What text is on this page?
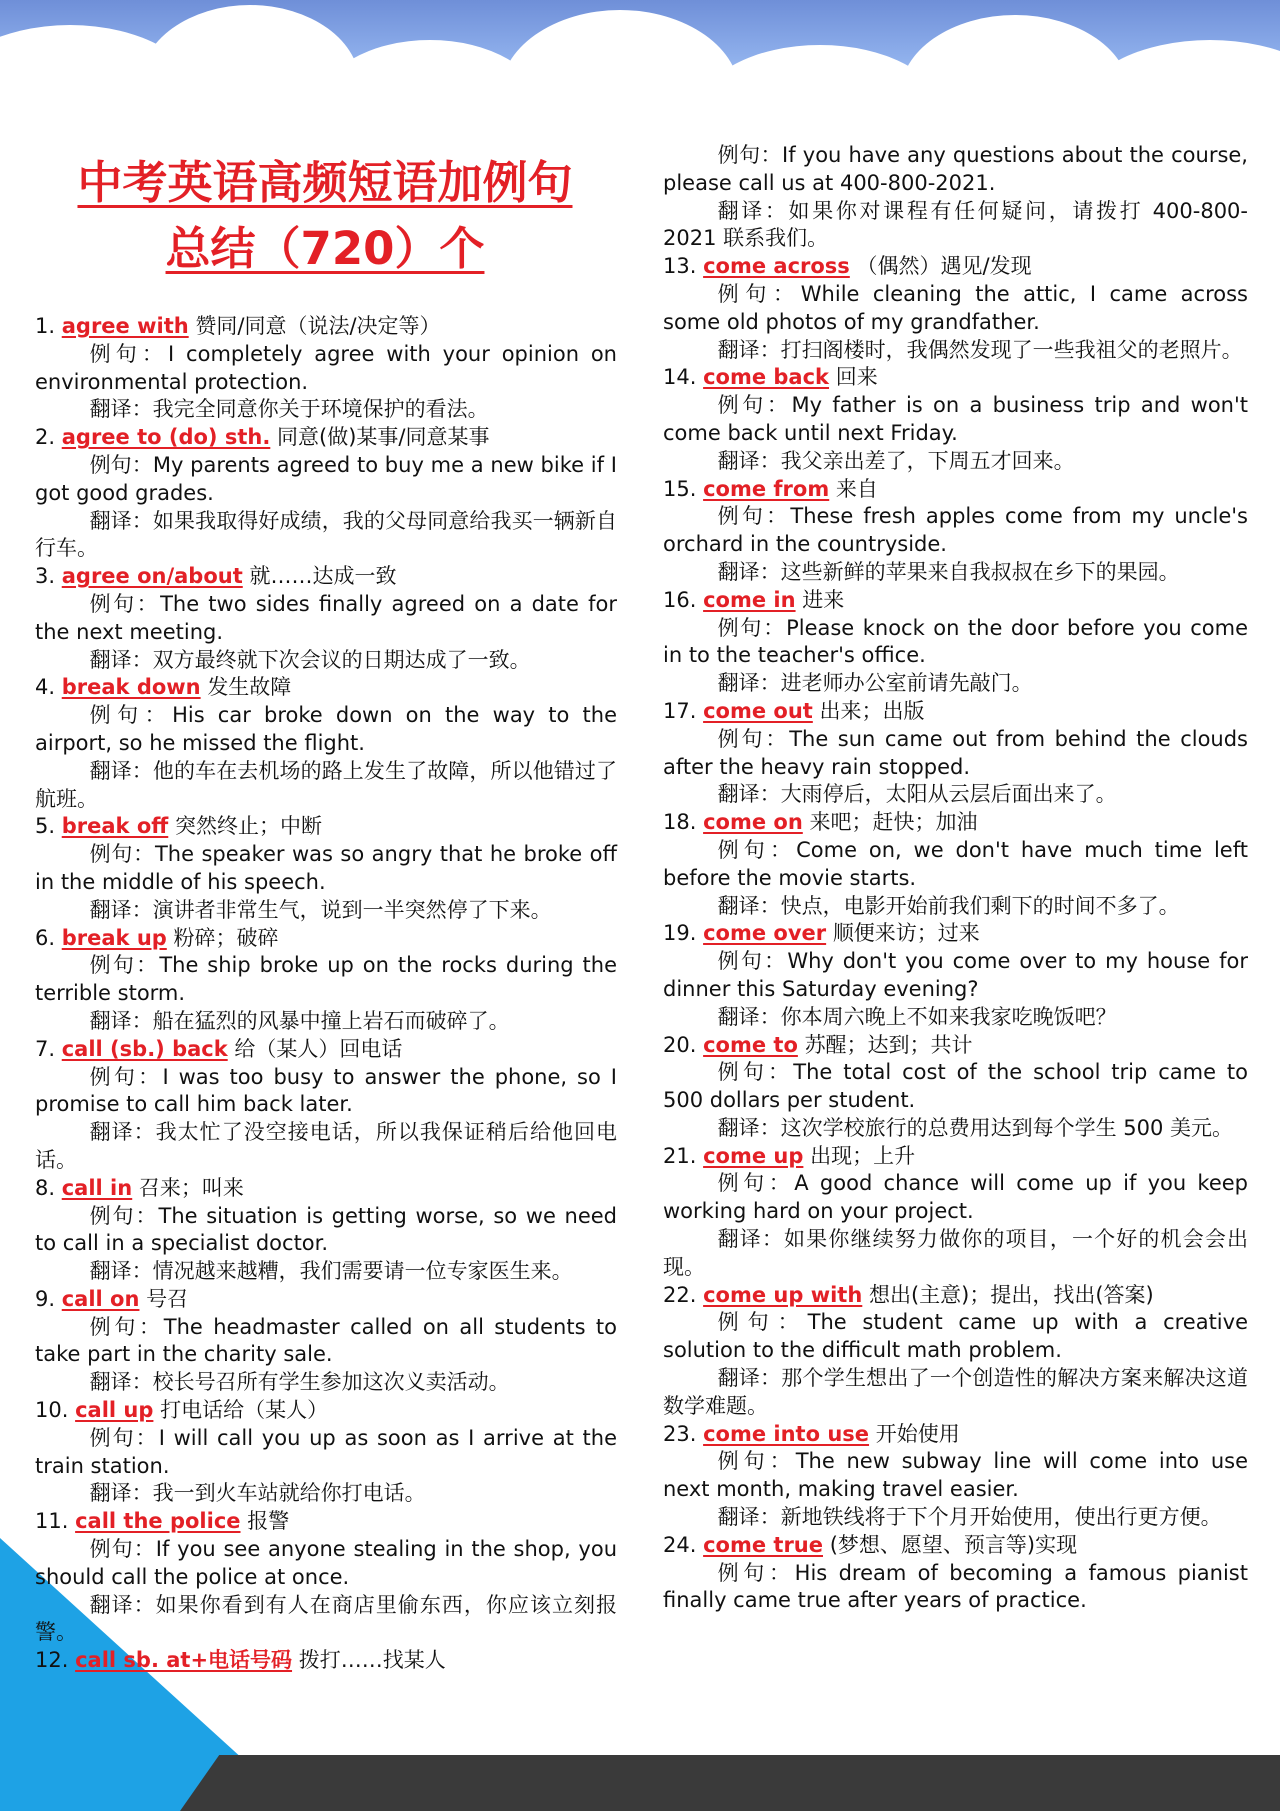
中考英语高频短语加例句
总结（720）个

1. agree with 赞同/同意（说法/决定等）

例句：I completely agree with your opinion on environmental protection.

翻译：我完全同意你关于环境保护的看法。

2. agree to (do) sth. 同意(做)某事/同意某事

例句：My parents agreed to buy me a new bike if I got good grades.

翻译：如果我取得好成绩，我的父母同意给我买一辆新自行车。

3. agree on/about 就……达成一致

例句：The two sides finally agreed on a date for the next meeting.

翻译：双方最终就下次会议的日期达成了一致。

4. break down 发生故障

例句：His car broke down on the way to the airport, so he missed the flight.

翻译：他的车在去机场的路上发生了故障，所以他错过了航班。

5. break off 突然终止；中断

例句：The speaker was so angry that he broke off in the middle of his speech.

翻译：演讲者非常生气，说到一半突然停了下来。

6. break up 粉碎；破碎

例句：The ship broke up on the rocks during the terrible storm.

翻译：船在猛烈的风暴中撞上岩石而破碎了。

7. call (sb.) back 给（某人）回电话

例句：I was too busy to answer the phone, so I promise to call him back later.

翻译：我太忙了没空接电话，所以我保证稍后给他回电话。

8. call in 召来；叫来

例句：The situation is getting worse, so we need to call in a specialist doctor.

翻译：情况越来越糟，我们需要请一位专家医生来。

9. call on 号召

例句：The headmaster called on all students to take part in the charity sale.

翻译：校长号召所有学生参加这次义卖活动。

10. call up 打电话给（某人）

例句：I will call you up as soon as I arrive at the train station.

翻译：我一到火车站就给你打电话。

11. call the police 报警

例句：If you see anyone stealing in the shop, you should call the police at once.

翻译：如果你看到有人在商店里偷东西，你应该立刻报警。

12. call sb. at+电话号码 拨打……找某人

例句：If you have any questions about the course, please call us at 400-800-2021.

翻译：如果你对课程有任何疑问，请拨打 400-800-2021 联系我们。

13. come across （偶然）遇见/发现

例句：While cleaning the attic, I came across some old photos of my grandfather.

翻译：打扫阁楼时，我偶然发现了一些我祖父的老照片。

14. come back 回来

例句：My father is on a business trip and won't come back until next Friday.

翻译：我父亲出差了，下周五才回来。

15. come from 来自

例句：These fresh apples come from my uncle's orchard in the countryside.

翻译：这些新鲜的苹果来自我叔叔在乡下的果园。

16. come in 进来

例句：Please knock on the door before you come in to the teacher's office.

翻译：进老师办公室前请先敲门。

17. come out 出来；出版

例句：The sun came out from behind the clouds after the heavy rain stopped.

翻译：大雨停后，太阳从云层后面出来了。

18. come on 来吧；赶快；加油

例句：Come on, we don't have much time left before the movie starts.

翻译：快点，电影开始前我们剩下的时间不多了。

19. come over 顺便来访；过来

例句：Why don't you come over to my house for dinner this Saturday evening?

翻译：你本周六晚上不如来我家吃晚饭吧？

20. come to 苏醒；达到；共计

例句：The total cost of the school trip came to 500 dollars per student.

翻译：这次学校旅行的总费用达到每个学生 500 美元。

21. come up 出现；上升

例句：A good chance will come up if you keep working hard on your project.

翻译：如果你继续努力做你的项目，一个好的机会会出现。

22. come up with 想出(主意)；提出，找出(答案)

例句：The student came up with a creative solution to the difficult math problem.

翻译：那个学生想出了一个创造性的解决方案来解决这道数学难题。

23. come into use 开始使用

例句：The new subway line will come into use next month, making travel easier.

翻译：新地铁线将于下个月开始使用，使出行更方便。

24. come true (梦想、愿望、预言等)实现

例句：His dream of becoming a famous pianist finally came true after years of practice.
